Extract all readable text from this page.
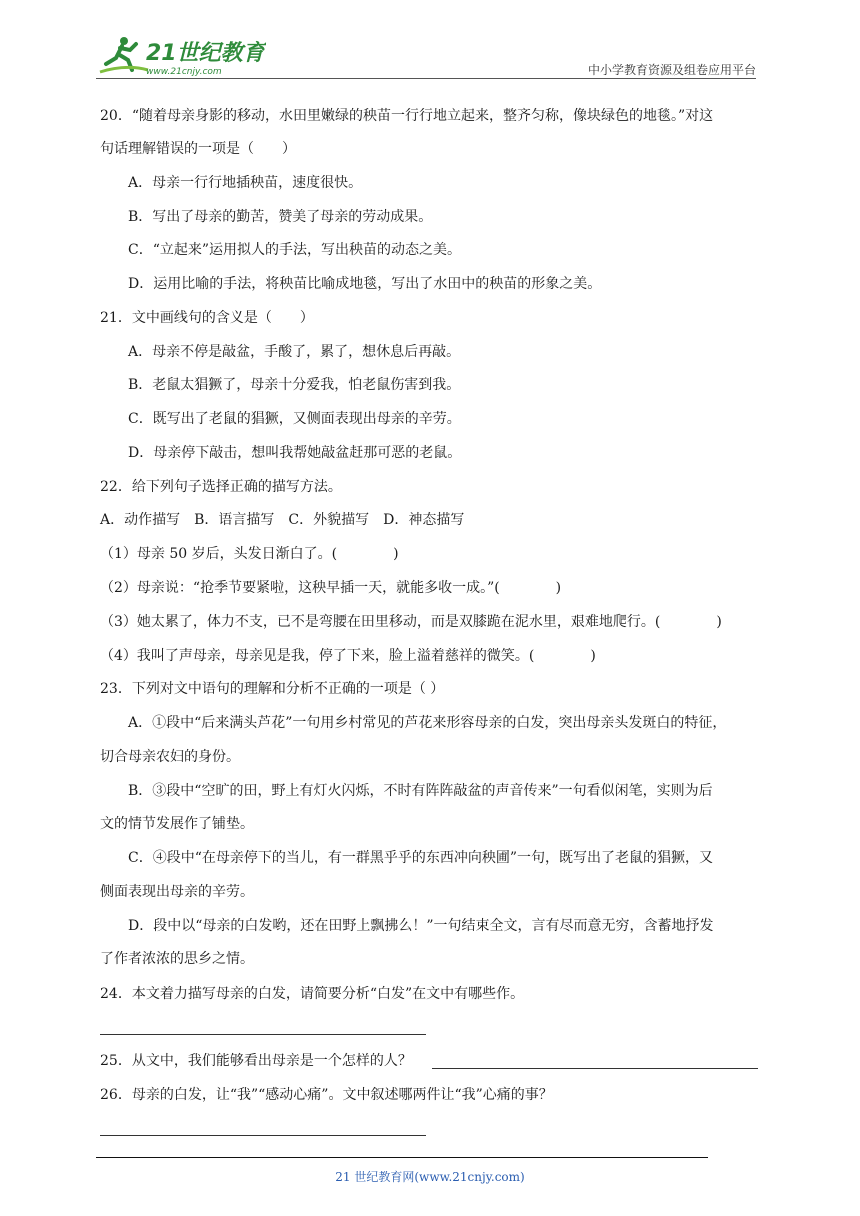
21世纪教育
www.21cnjy.com	中小学教育资源及组卷应用平台
20．“随着母亲身影的移动，水田里嫩绿的秧苗一行行地立起来，整齐匀称，像块绿色的地毯。”对这
句话理解错误的一项是（　　）
A．母亲一行行地插秧苗，速度很快。
B．写出了母亲的勤苦，赞美了母亲的劳动成果。
C．“立起来”运用拟人的手法，写出秧苗的动态之美。
D．运用比喻的手法，将秧苗比喻成地毯，写出了水田中的秧苗的形象之美。
21．文中画线句的含义是（　　）
A．母亲不停是敲盆，手酸了，累了，想休息后再敲。
B．老鼠太猖獗了，母亲十分爱我，怕老鼠伤害到我。
C．既写出了老鼠的猖獗，又侧面表现出母亲的辛劳。
D．母亲停下敲击，想叫我帮她敲盆赶那可恶的老鼠。
22．给下列句子选择正确的描写方法。
A．动作描写　B．语言描写　C．外貌描写　D．神态描写
（1）母亲 50 岁后，头发日渐白了。(　　　　)
（2）母亲说：“抢季节要紧啦，这秧早插一天，就能多收一成。”(　　　　)
（3）她太累了，体力不支，已不是弯腰在田里移动，而是双膝跪在泥水里，艰难地爬行。(　　　　)
（4）我叫了声母亲，母亲见是我，停了下来，脸上溢着慈祥的微笑。(　　　　)
23．下列对文中语句的理解和分析不正确的一项是（ ）
A．①段中“后来满头芦花”一句用乡村常见的芦花来形容母亲的白发，突出母亲头发斑白的特征，
切合母亲农妇的身份。
B．③段中“空旷的田，野上有灯火闪烁，不时有阵阵敲盆的声音传来”一句看似闲笔，实则为后
文的情节发展作了铺垫。
C．④段中“在母亲停下的当儿，有一群黑乎乎的东西冲向秧圃”一句，既写出了老鼠的猖獗，又
侧面表现出母亲的辛劳。
D．段中以“母亲的白发哟，还在田野上飘拂么！”一句结束全文，言有尽而意无穷，含蓄地抒发
了作者浓浓的思乡之情。
24．本文着力描写母亲的白发，请简要分析“白发”在文中有哪些作。
25．从文中，我们能够看出母亲是一个怎样的人？
26．母亲的白发，让“我”“感动心痛”。文中叙述哪两件让“我”心痛的事？
21 世纪教育网(www.21cnjy.com)
